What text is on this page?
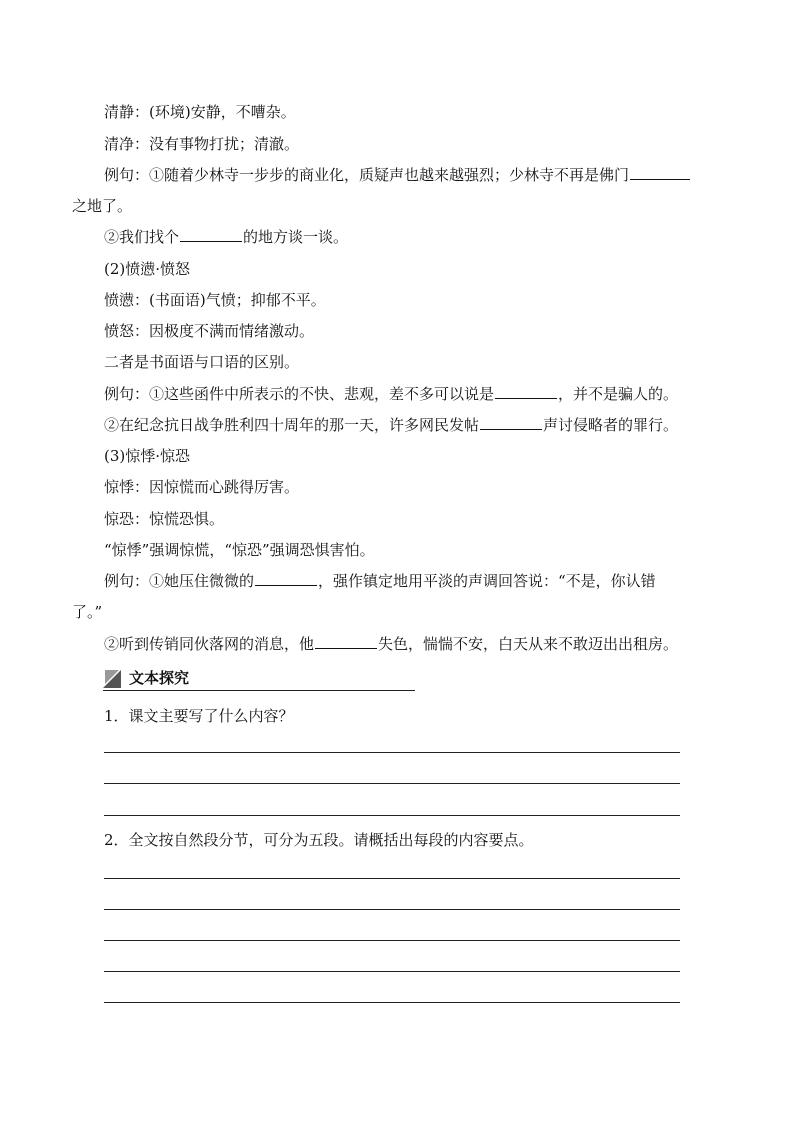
清静：(环境)安静，不嘈杂。
清净：没有事物打扰；清澈。
例句：①随着少林寺一步步的商业化，质疑声也越来越强烈；少林寺不再是佛门
之地了。
②我们找个	的地方谈一谈。
(2)愤懑·愤怒
愤懑：(书面语)气愤；抑郁不平。
愤怒：因极度不满而情绪激动。
二者是书面语与口语的区别。
例句：①这些函件中所表示的不快、悲观，差不多可以说是	，并不是骗人的。
②在纪念抗日战争胜利四十周年的那一天，许多网民发帖	声讨侵略者的罪行。
(3)惊悸·惊恐
惊悸：因惊慌而心跳得厉害。
惊恐：惊慌恐惧。
“惊悸”强调惊慌，“惊恐”强调恐惧害怕。
例句：①她压住微微的	，强作镇定地用平淡的声调回答说：“不是，你认错
了。”
②听到传销同伙落网的消息，他	失色，惴惴不安，白天从来不敢迈出出租房。
文本探究
1．课文主要写了什么内容？
2．全文按自然段分节，可分为五段。请概括出每段的内容要点。
